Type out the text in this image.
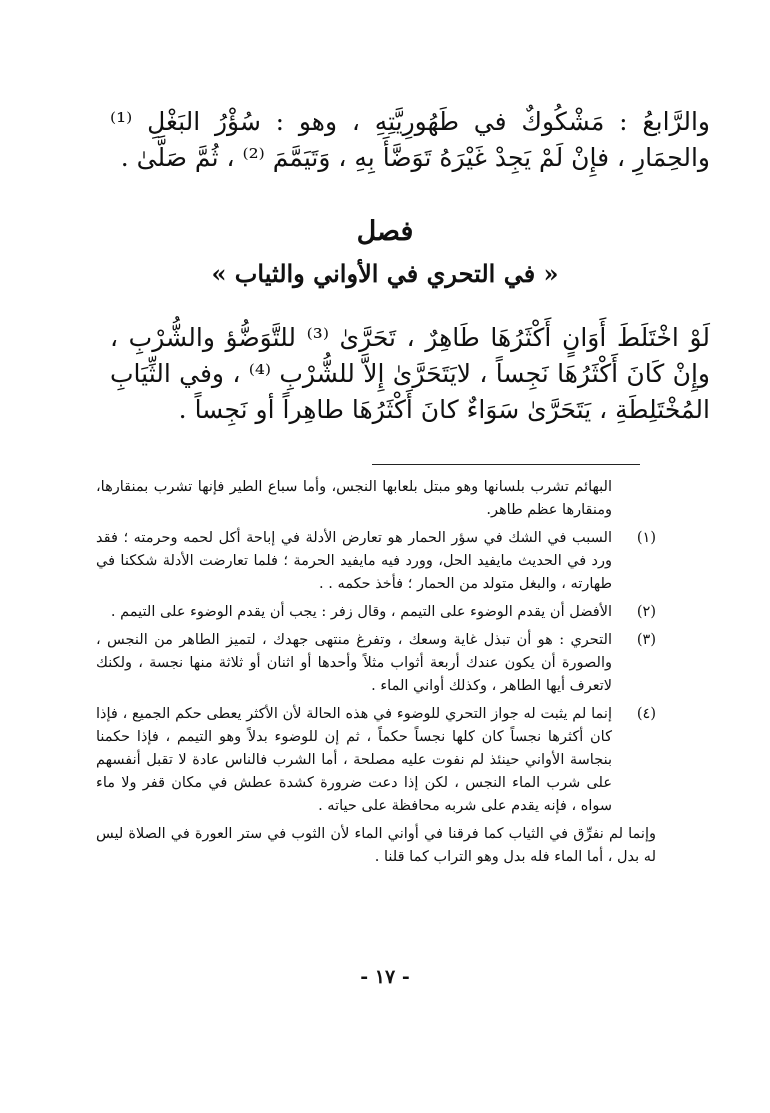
والرَّابعُ : مَشْكُوكٌ في طَهُورِيَّتِهِ ، وهو : سُؤْرُ البَغْلِ ⁽¹⁾ والحِمَارِ ، فإِنْ لَمْ يَجِدْ غَيْرَهُ تَوَضَّأَ بِهِ ، وَتَيَمَّمَ ⁽²⁾ ، ثُمَّ صَلَّىٰ .

فصل

« في التحري في الأواني والثياب »

لَوْ اخْتَلَطَ أَوَانٍ أَكْثَرُهَا طَاهِرٌ ، تَحَرَّىٰ ⁽³⁾ للتَّوَضُّؤ والشُّرْبِ ، وإِنْ كَانَ أَكْثَرُهَا نَجِساً ، لايَتَحَرَّىٰ إِلاَّ للشُّرْبِ ⁽⁴⁾ ، وفي الثِّيَابِ المُخْتَلِطَةِ ، يَتَحَرَّىٰ سَوَاءٌ كانَ أَكْثَرُهَا طاهِراً أو نَجِساً .

البهائم تشرب بلسانها وهو مبتل بلعابها النجس، وأما سباع الطير فإنها تشرب بمنقارها، ومنقارها عظم طاهر.
(١)
السبب في الشك في سؤر الحمار هو تعارض الأدلة في إباحة أكل لحمه وحرمته ؛ فقد ورد في الحديث مايفيد الحل، وورد فيه مايفيد الحرمة ؛ فلما تعارضت الأدلة شككنا في طهارته ، والبغل متولد من الحمار ؛ فأخذ حكمه . .
(٢)
الأفضل أن يقدم الوضوء على التيمم ، وقال زفر : يجب أن يقدم الوضوء على التيمم .
(٣)
التحري : هو أن تبذل غاية وسعك ، وتفرغ منتهى جهدك ، لتميز الطاهر من النجس ، والصورة أن يكون عندك أربعة أثواب مثلاً وأحدها أو اثنان أو ثلاثة منها نجسة ، ولكنك لاتعرف أيها الطاهر ، وكذلك أواني الماء .
(٤)
إنما لم يثبت له جواز التحري للوضوء في هذه الحالة لأن الأكثر يعطى حكم الجميع ، فإذا كان أكثرها نجساً كان كلها نجساً حكماً ، ثم إن للوضوء بدلاً وهو التيمم ، فإذا حكمنا بنجاسة الأواني حينئذ لم نفوت عليه مصلحة ، أما الشرب فالناس عادة لا تقبل أنفسهم على شرب الماء النجس ، لكن إذا دعت ضرورة كشدة عطش في مكان قفر ولا ماء سواه ، فإنه يقدم على شربه محافظة على حياته .

وإنما لم نفرِّق في الثياب كما فرقنا في أواني الماء لأن الثوب في ستر العورة في الصلاة ليس له بدل ، أما الماء فله بدل وهو التراب كما قلنا .

- ١٧ -
